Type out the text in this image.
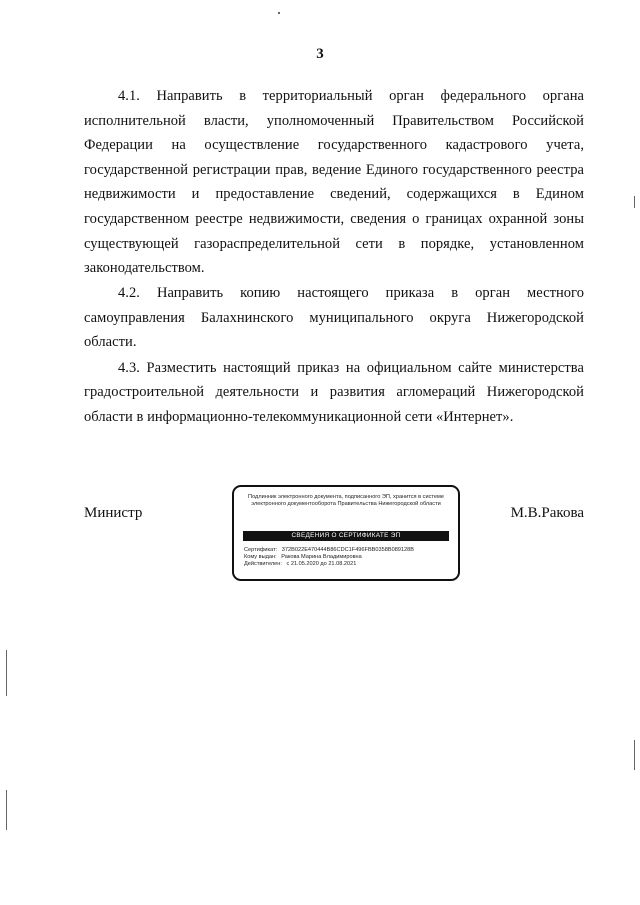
3

4.1. Направить в территориальный орган федерального органа исполнительной власти, уполномоченный Правительством Российской Федерации на осуществление государственного кадастрового учета, государственной регистрации прав, ведение Единого государственного реестра недвижимости и предоставление сведений, содержащихся в Едином государственном реестре недвижимости, сведения о границах охранной зоны существующей газораспределительной сети в порядке, установленном законодательством.

4.2. Направить копию настоящего приказа в орган местного самоуправления Балахнинского муниципального округа Нижегородской области.

4.3. Разместить настоящий приказ на официальном сайте министерства градостроительной деятельности и развития агломераций Нижегородской области в информационно-телекоммуникационной сети «Интернет».

Министр	М.В.Ракова
Подлинник электронного документа, подписанного ЭП, хранится в системе электронного документооборота Правительства Нижегородской области
СВЕДЕНИЯ О СЕРТИФИКАТЕ ЭП
Сертификат: 372B022E470444B86CDC1F496FBB0358B089128B
Кому выдан: Ракова Марина Владимировна
Действителен: с 21.05.2020 до 21.08.2021
